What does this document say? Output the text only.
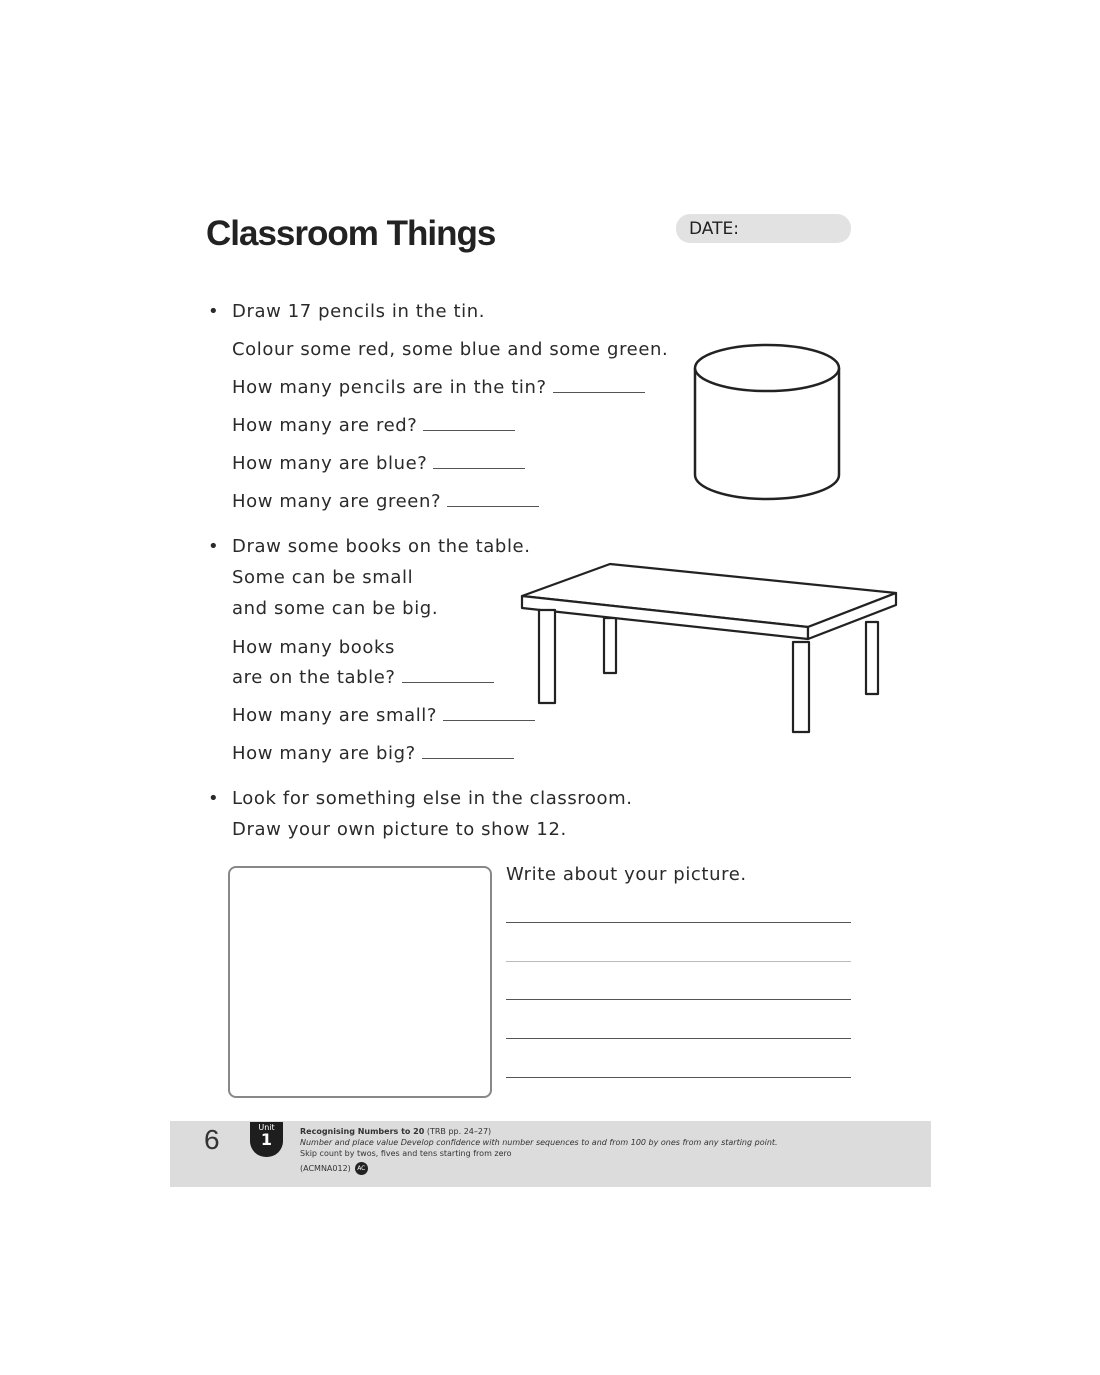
Classroom Things	DATE:
• Draw 17 pencils in the tin.
Colour some red, some blue and some green.
How many pencils are in the tin?
How many are red?
How many are blue?
How many are green?
• Draw some books on the table.
Some can be small
and some can be big.
How many books
are on the table?
How many are small?
How many are big?
• Look for something else in the classroom.
Draw your own picture to show 12.
Write about your picture.
6	Unit
1	Recognising Numbers to 20 (TRB pp. 24–27)
Number and place value Develop confidence with number sequences to and from 100 by ones from any starting point.
Skip count by twos, fives and tens starting from zero
(ACMNA012) AC
